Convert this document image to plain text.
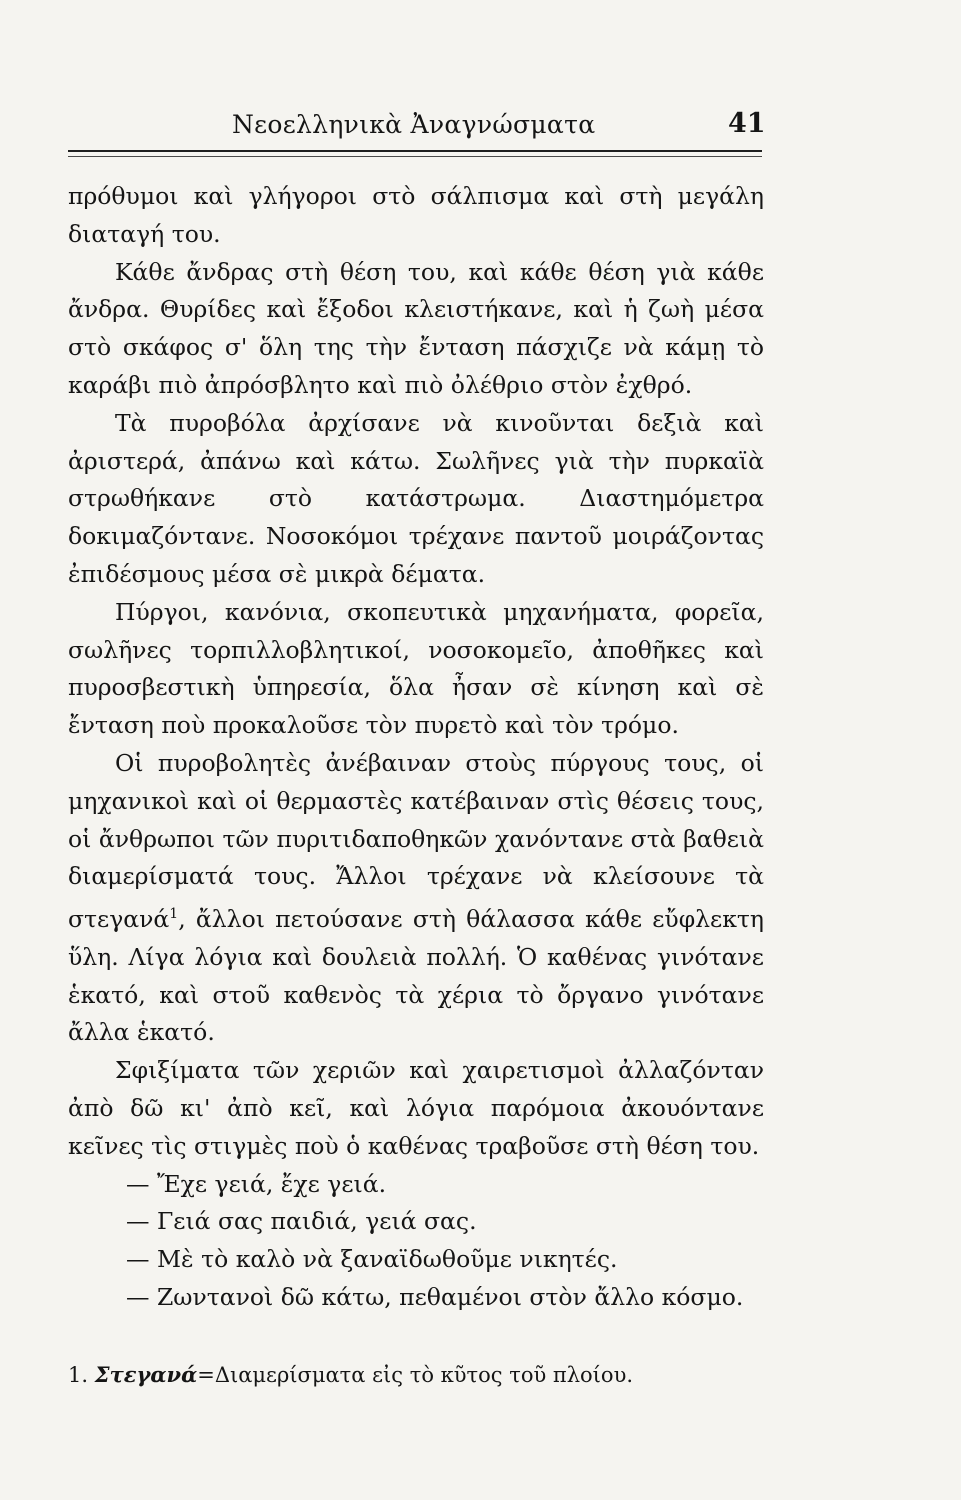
Νεοελληνικὰ Ἀναγνώσματα	41

πρόθυμοι καὶ γλήγοροι στὸ σάλπισμα καὶ στὴ μεγάλη διαταγή του.

Κάθε ἄνδρας στὴ θέση του, καὶ κάθε θέση γιὰ κάθε ἄνδρα. Θυρίδες καὶ ἔξοδοι κλειστήκανε, καὶ ἡ ζωὴ μέσα στὸ σκάφος σ' ὅλη της τὴν ἔνταση πάσχιζε νὰ κάμῃ τὸ καράβι πιὸ ἀπρόσβλητο καὶ πιὸ ὀλέθριο στὸν ἐχθρό.

Τὰ πυροβόλα ἀρχίσανε νὰ κινοῦνται δεξιὰ καὶ ἀριστερά, ἀπάνω καὶ κάτω. Σωλῆνες γιὰ τὴν πυρκαϊὰ στρωθήκανε στὸ κατάστρωμα. Διαστημόμετρα δοκιμαζόντανε. Νοσοκόμοι τρέχανε παντοῦ μοιράζοντας ἐπιδέσμους μέσα σὲ μικρὰ δέματα.

Πύργοι, κανόνια, σκοπευτικὰ μηχανήματα, φορεῖα, σωλῆνες τορπιλλοβλητικοί, νοσοκομεῖο, ἀποθῆκες καὶ πυροσβεστικὴ ὑπηρεσία, ὅλα ἦσαν σὲ κίνηση καὶ σὲ ἔνταση ποὺ προκαλοῦσε τὸν πυρετὸ καὶ τὸν τρόμο.

Οἱ πυροβολητὲς ἀνέβαιναν στοὺς πύργους τους, οἱ μηχανικοὶ καὶ οἱ θερμαστὲς κατέβαιναν στὶς θέσεις τους, οἱ ἄνθρωποι τῶν πυριτιδαποθηκῶν χανόντανε στὰ βαθειὰ διαμερίσματά τους. Ἄλλοι τρέχανε νὰ κλείσουνε τὰ στεγανά$^1$, ἄλλοι πετούσανε στὴ θάλασσα κάθε εὔφλεκτη ὕλη. Λίγα λόγια καὶ δουλειὰ πολλή. Ὁ καθένας γινότανε ἑκατό, καὶ στοῦ καθενὸς τὰ χέρια τὸ ὄργανο γινότανε ἄλλα ἑκατό.

Σφιξίματα τῶν χεριῶν καὶ χαιρετισμοὶ ἀλλαζόνταν ἀπὸ δῶ κι' ἀπὸ κεῖ, καὶ λόγια παρόμοια ἀκουόντανε κεῖνες τὶς στιγμὲς ποὺ ὁ καθένας τραβοῦσε στὴ θέση του.

— Ἔχε γειά, ἔχε γειά.

— Γειά σας παιδιά, γειά σας.

— Μὲ τὸ καλὸ νὰ ξαναϊδωθοῦμε νικητές.

— Ζωντανοὶ δῶ κάτω, πεθαμένοι στὸν ἄλλο κόσμο.

1. Στεγανά=Διαμερίσματα εἰς τὸ κῦτος τοῦ πλοίου.
